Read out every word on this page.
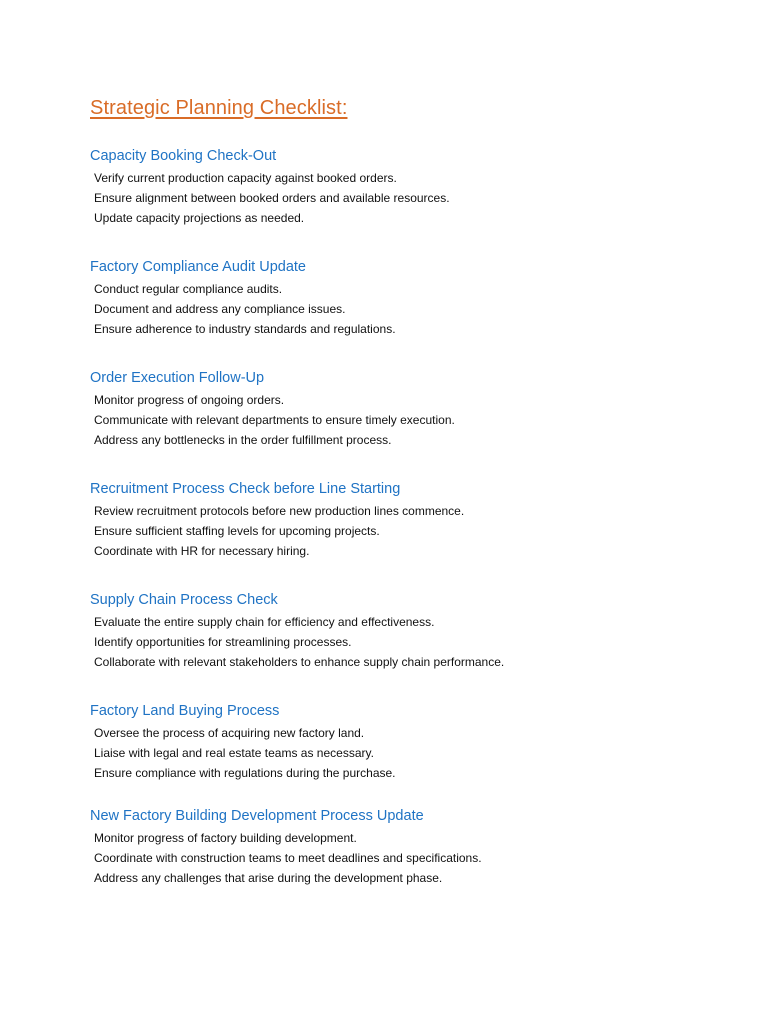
Strategic Planning Checklist:
Capacity Booking Check-Out
Verify current production capacity against booked orders.
Ensure alignment between booked orders and available resources.
Update capacity projections as needed.
Factory Compliance Audit Update
Conduct regular compliance audits.
Document and address any compliance issues.
Ensure adherence to industry standards and regulations.
Order Execution Follow-Up
Monitor progress of ongoing orders.
Communicate with relevant departments to ensure timely execution.
Address any bottlenecks in the order fulfillment process.
Recruitment Process Check before Line Starting
Review recruitment protocols before new production lines commence.
Ensure sufficient staffing levels for upcoming projects.
Coordinate with HR for necessary hiring.
Supply Chain Process Check
Evaluate the entire supply chain for efficiency and effectiveness.
Identify opportunities for streamlining processes.
Collaborate with relevant stakeholders to enhance supply chain performance.
Factory Land Buying Process
Oversee the process of acquiring new factory land.
Liaise with legal and real estate teams as necessary.
Ensure compliance with regulations during the purchase.
New Factory Building Development Process Update
Monitor progress of factory building development.
Coordinate with construction teams to meet deadlines and specifications.
Address any challenges that arise during the development phase.
